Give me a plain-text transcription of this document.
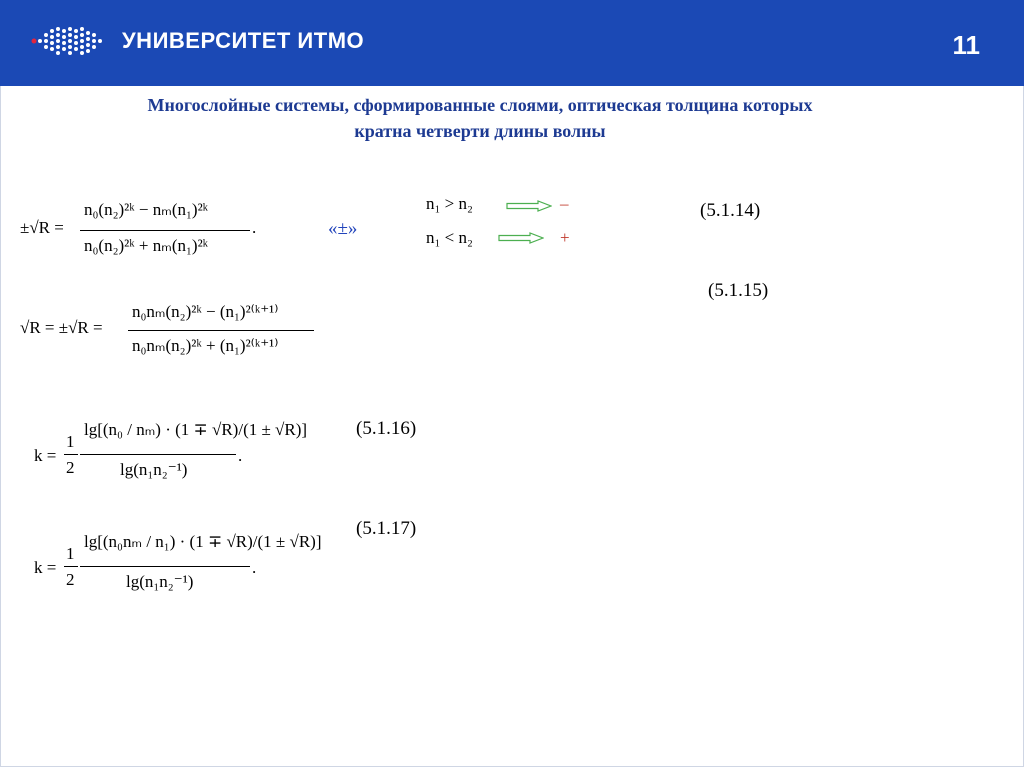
УНИВЕРСИТЕТ ИТМО	11
Многослойные системы, сформированные слоями, оптическая толщина которых
кратна четверти длины волны
±√R =
n₀(n₂)²ᵏ − nₘ(n₁)²ᵏ
n₀(n₂)²ᵏ + nₘ(n₁)²ᵏ
.
(5.1.14)
«±»
n₁ > n₂	–
n₁ < n₂	+
√R = ±√R =
n₀nₘ(n₂)²ᵏ − (n₁)²⁽ᵏ⁺¹⁾
n₀nₘ(n₂)²ᵏ + (n₁)²⁽ᵏ⁺¹⁾
(5.1.15)
k =
1
2
lg[(n₀ / nₘ) · (1 ∓ √R)/(1 ± √R)]
lg(n₁n₂⁻¹)
.
(5.1.16)
k =
1
2
lg[(n₀nₘ / n₁) · (1 ∓ √R)/(1 ± √R)]
lg(n₁n₂⁻¹)
.
(5.1.17)
